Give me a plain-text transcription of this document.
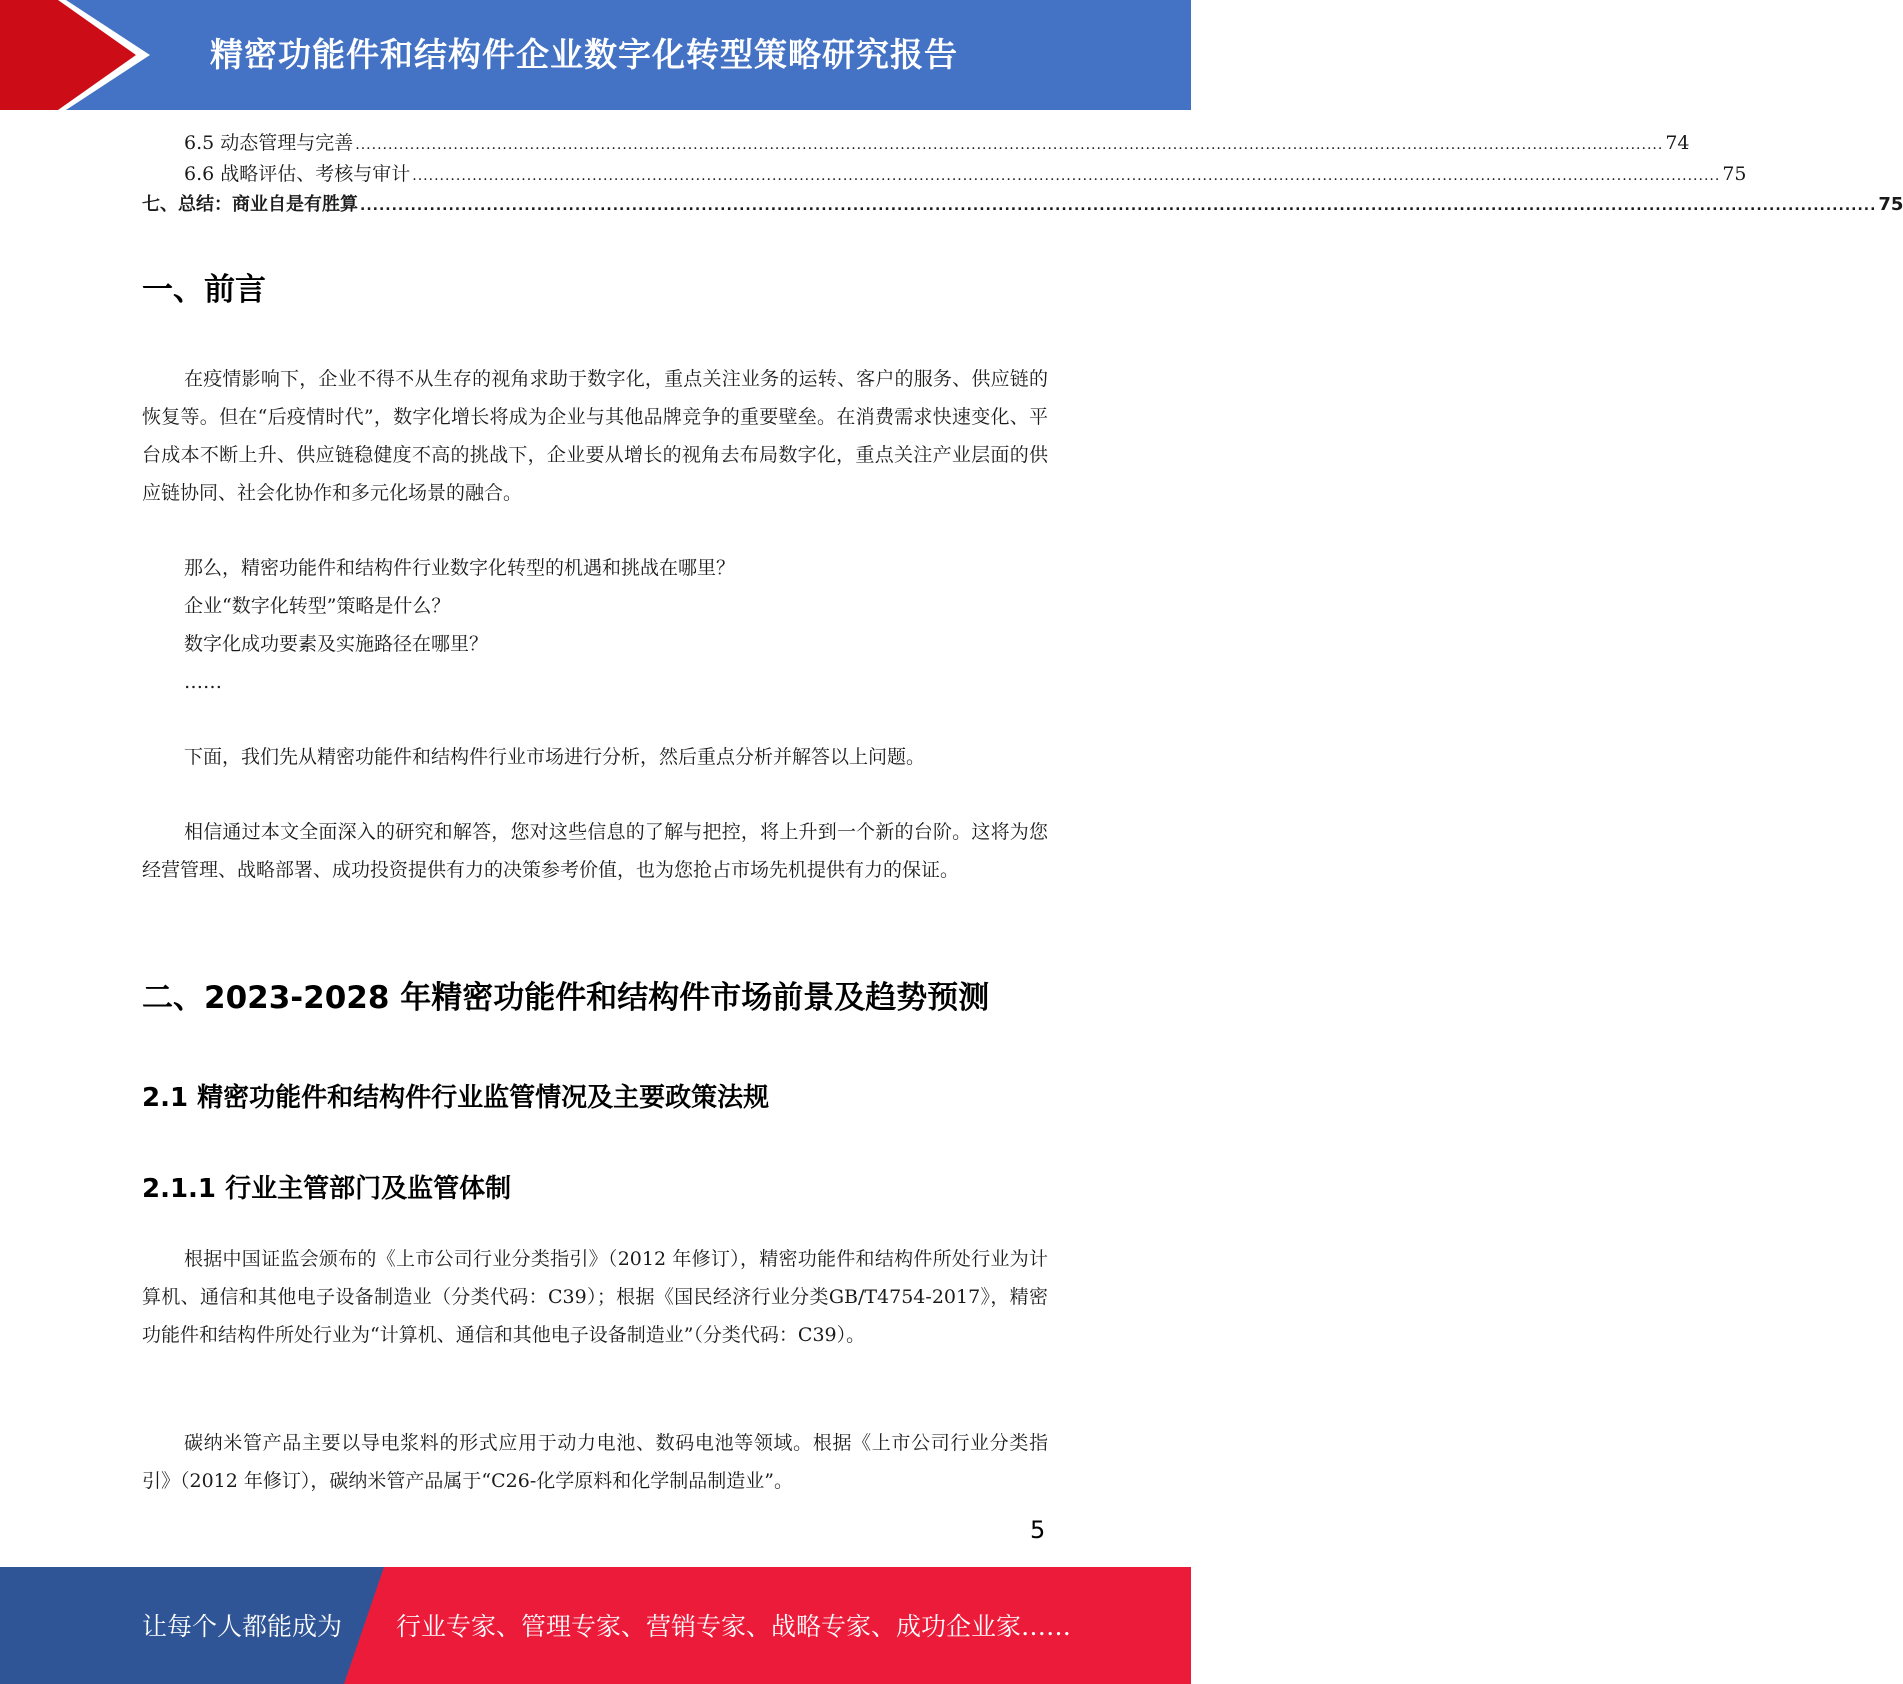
精密功能件和结构件企业数字化转型策略研究报告
6.5 动态管理与完善 ................................................................................................................................................................................................................................................ 74
6.6 战略评估、考核与审计 ................................................................................................................................................................................................................................................ 75
七、总结：商业自是有胜算 ................................................................................................................................................................................................................................................ 75
一、前言

在疫情影响下，企业不得不从生存的视角求助于数字化，重点关注业务的运转、客户的服务、供应链的恢复等。但在“后疫情时代”，数字化增长将成为企业与其他品牌竞争的重要壁垒。在消费需求快速变化、平台成本不断上升、供应链稳健度不高的挑战下，企业要从增长的视角去布局数字化，重点关注产业层面的供应链协同、社会化协作和多元化场景的融合。

那么，精密功能件和结构件行业数字化转型的机遇和挑战在哪里？

企业“数字化转型”策略是什么？

数字化成功要素及实施路径在哪里？

……

下面，我们先从精密功能件和结构件行业市场进行分析，然后重点分析并解答以上问题。

相信通过本文全面深入的研究和解答，您对这些信息的了解与把控，将上升到一个新的台阶。这将为您经营管理、战略部署、成功投资提供有力的决策参考价值，也为您抢占市场先机提供有力的保证。

二、2023-2028 年精密功能件和结构件市场前景及趋势预测
2.1 精密功能件和结构件行业监管情况及主要政策法规
2.1.1 行业主管部门及监管体制

根据中国证监会颁布的《上市公司行业分类指引》（2012 年修订），精密功能件和结构件所处行业为计算机、通信和其他电子设备制造业（分类代码：C39）；根据《国民经济行业分类GB/T4754-2017》，精密功能件和结构件所处行业为“计算机、通信和其他电子设备制造业”（分类代码：C39）。

碳纳米管产品主要以导电浆料的形式应用于动力电池、数码电池等领域。根据《上市公司行业分类指引》（2012 年修订），碳纳米管产品属于“C26-化学原料和化学制品制造业”。

5
让每个人都能成为 行业专家、管理专家、营销专家、战略专家、成功企业家……
